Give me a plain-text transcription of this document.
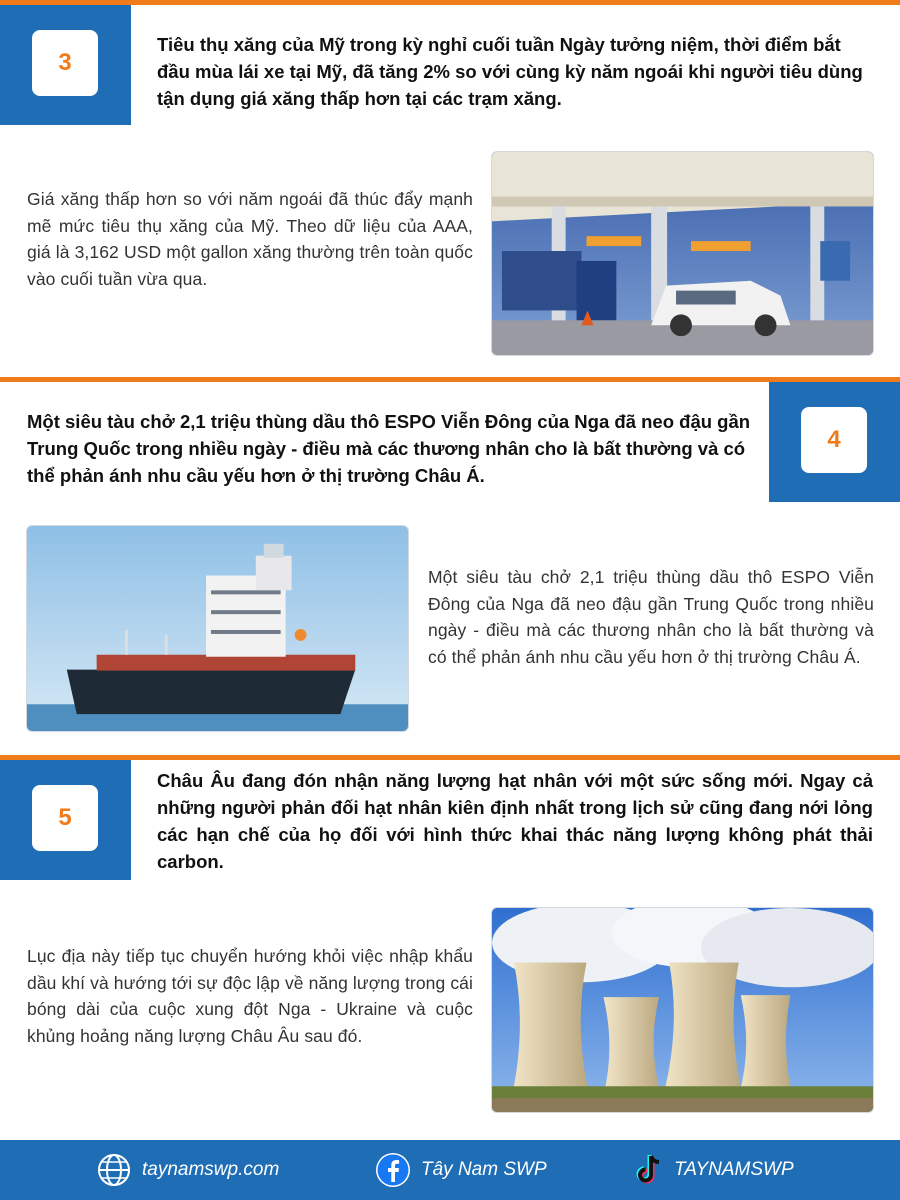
3
Tiêu thụ xăng của Mỹ trong kỳ nghỉ cuối tuần Ngày tưởng niệm, thời điểm bắt đầu mùa lái xe tại Mỹ, đã tăng 2% so với cùng kỳ năm ngoái khi người tiêu dùng tận dụng giá xăng thấp hơn tại các trạm xăng.
Giá xăng thấp hơn so với năm ngoái đã thúc đẩy mạnh mẽ mức tiêu thụ xăng của Mỹ. Theo dữ liệu của AAA, giá là 3,162 USD một gallon xăng thường trên toàn quốc vào cuối tuần vừa qua.
4
Một siêu tàu chở 2,1 triệu thùng dầu thô ESPO Viễn Đông của Nga đã neo đậu gần Trung Quốc trong nhiều ngày - điều mà các thương nhân cho là bất thường và có thể phản ánh nhu cầu yếu hơn ở thị trường Châu Á.
Một siêu tàu chở 2,1 triệu thùng dầu thô ESPO Viễn Đông của Nga đã neo đậu gần Trung Quốc trong nhiều ngày - điều mà các thương nhân cho là bất thường và có thể phản ánh nhu cầu yếu hơn ở thị trường Châu Á.
5
Châu Âu đang đón nhận năng lượng hạt nhân với một sức sống mới. Ngay cả những người phản đối hạt nhân kiên định nhất trong lịch sử cũng đang nới lỏng các hạn chế của họ đối với hình thức khai thác năng lượng không phát thải carbon.
Lục địa này tiếp tục chuyển hướng khỏi việc nhập khẩu dầu khí và hướng tới sự độc lập về năng lượng trong cái bóng dài của cuộc xung đột Nga - Ukraine và cuộc khủng hoảng năng lượng Châu Âu sau đó.
taynamswp.com	Tây Nam SWP	TAYNAMSWP
